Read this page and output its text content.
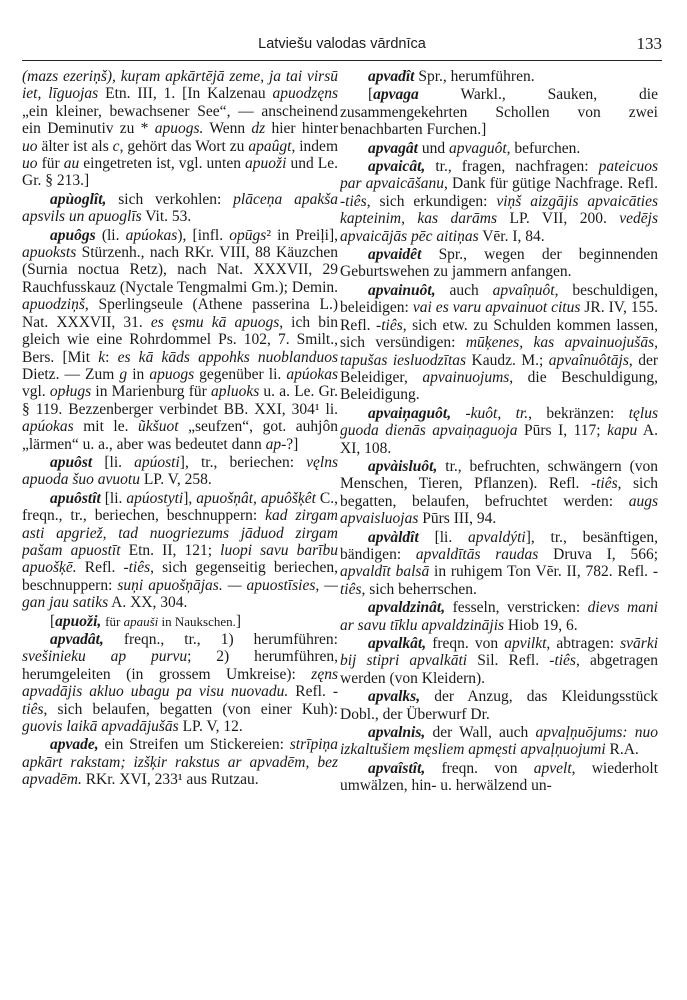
Latviešu valodas vārdnīca	133

(mazs ezeriņš), kuŗam apkārtējā zeme, ja tai virsū iet, līguojas Etn. III, 1. [In Kalzenau apuodzęns „ein kleiner, bewachsener See“, — anscheinend ein Deminutiv zu * apuogs. Wenn dz hier hinter uo älter ist als c, gehört das Wort zu apaûgt, indem uo für au eingetreten ist, vgl. unten apuoži und Le. Gr. § 213.]

apùoglît, sich verkohlen: plāceņa apakša apsvils un apuoglīs Vit. 53.

apuôgs (li. apúokas), [infl. opūgs² in Preiļi], apuoksts Stürzenh., nach RKr. VIII, 88 Käuzchen (Surnia noctua Retz), nach Nat. XXXVII, 29 Rauchfusskauz (Nyctale Tengmalmi Gm.); Demin. apuodziņš, Sperlingseule (Athene passerina L.) Nat. XXXVII, 31. es ęsmu kā apuogs, ich bin gleich wie eine Rohrdommel Ps. 102, 7. Smilt., Bers. [Mit k: es kā kāds appohks nuoblanduos Dietz. — Zum g in apuogs gegenüber li. apúokas vgl. opługs in Marienburg für apluoks u. a. Le. Gr. § 119. Bezzenberger verbindet BB. XXI, 304¹ li. apúokas mit le. ũkšuot „seufzen“, got. auhjôn „lärmen“ u. a., aber was bedeutet dann ap-?]

apuôst [li. apúosti], tr., beriechen: vęlns apuoda šuo avuotu LP. V, 258.

apuôstît [li. apúostyti], apuošņât, apuôšķêt C., freqn., tr., beriechen, beschnuppern: kad zirgam asti apgriež, tad nuogriezums jāduod zirgam pašam apuostīt Etn. II, 121; luopi savu barību apuošķē. Refl. -tiês, sich gegenseitig beriechen, beschnuppern: suņi apuošņājas. — apuostīsies, — gan jau satiks A. XX, 304.

[apuoži, für apauši in Naukschen.]

apvadât, freqn., tr., 1) herumführen: svešinieku ap purvu; 2) herumführen, herumgeleiten (in grossem Umkreise): zęns apvadājis akluo ubagu pa visu nuovadu. Refl. -tiês, sich belaufen, begatten (von einer Kuh): guovis laikā apvadājušās LP. V, 12.

apvade, ein Streifen um Stickereien: strīpiņa apkārt rakstam; izšķir rakstus ar apvadēm, bez apvadēm. RKr. XVI, 233¹ aus Rutzau.

apvadît Spr., herumführen.

[apvaga Warkl., Sauken, die zusammengekehrten Schollen von zwei benachbarten Furchen.]

apvagât und apvaguôt, befurchen.

apvaicât, tr., fragen, nachfragen: pateicuos par apvaicāšanu, Dank für gütige Nachfrage. Refl. -tiês, sich erkundigen: viņš aizgājis apvaicāties kapteinim, kas darāms LP. VII, 200. vedējs apvaicājās pēc aitiņas Vēr. I, 84.

apvaidêt Spr., wegen der beginnenden Geburtswehen zu jammern anfangen.

apvainuôt, auch apvaîņuôt, beschuldigen, beleidigen: vai es varu apvainuot citus JR. IV, 155. Refl. -tiês, sich etw. zu Schulden kommen lassen, sich versündigen: mūķenes, kas apvainuojušās, tapušas iesluodzītas Kaudz. M.; apvaînuôtājs, der Beleidiger, apvainuojums, die Beschuldigung, Beleidigung.

apvaiņaguôt, -kuôt, tr., bekränzen: tęlus guoda dienās apvaiņaguoja Pūrs I, 117; kapu A. XI, 108.

apvàisluôt, tr., befruchten, schwängern (von Menschen, Tieren, Pflanzen). Refl. -tiês, sich begatten, belaufen, befruchtet werden: augs apvaisluojas Pūrs III, 94.

apvàldît [li. apvaldýti], tr., besänftigen, bändigen: apvaldītās raudas Druva I, 566; apvaldīt balsā in ruhigem Ton Vēr. II, 782. Refl. -tiês, sich beherrschen.

apvaldzinât, fesseln, verstricken: dievs mani ar savu tīklu apvaldzinājis Hiob 19, 6.

apvalkât, freqn. von apvilkt, abtragen: svārki bij stipri apvalkāti Sil. Refl. -tiês, abgetragen werden (von Kleidern).

apvalks, der Anzug, das Kleidungsstück Dobl., der Überwurf Dr.

apvalnis, der Wall, auch apvaļņuōjums: nuo izkaltušiem męsliem apmęsti apvaļņuojumi R.A.

apvaîstît, freqn. von apvelt, wiederholt umwälzen, hin- u. herwälzend un-
